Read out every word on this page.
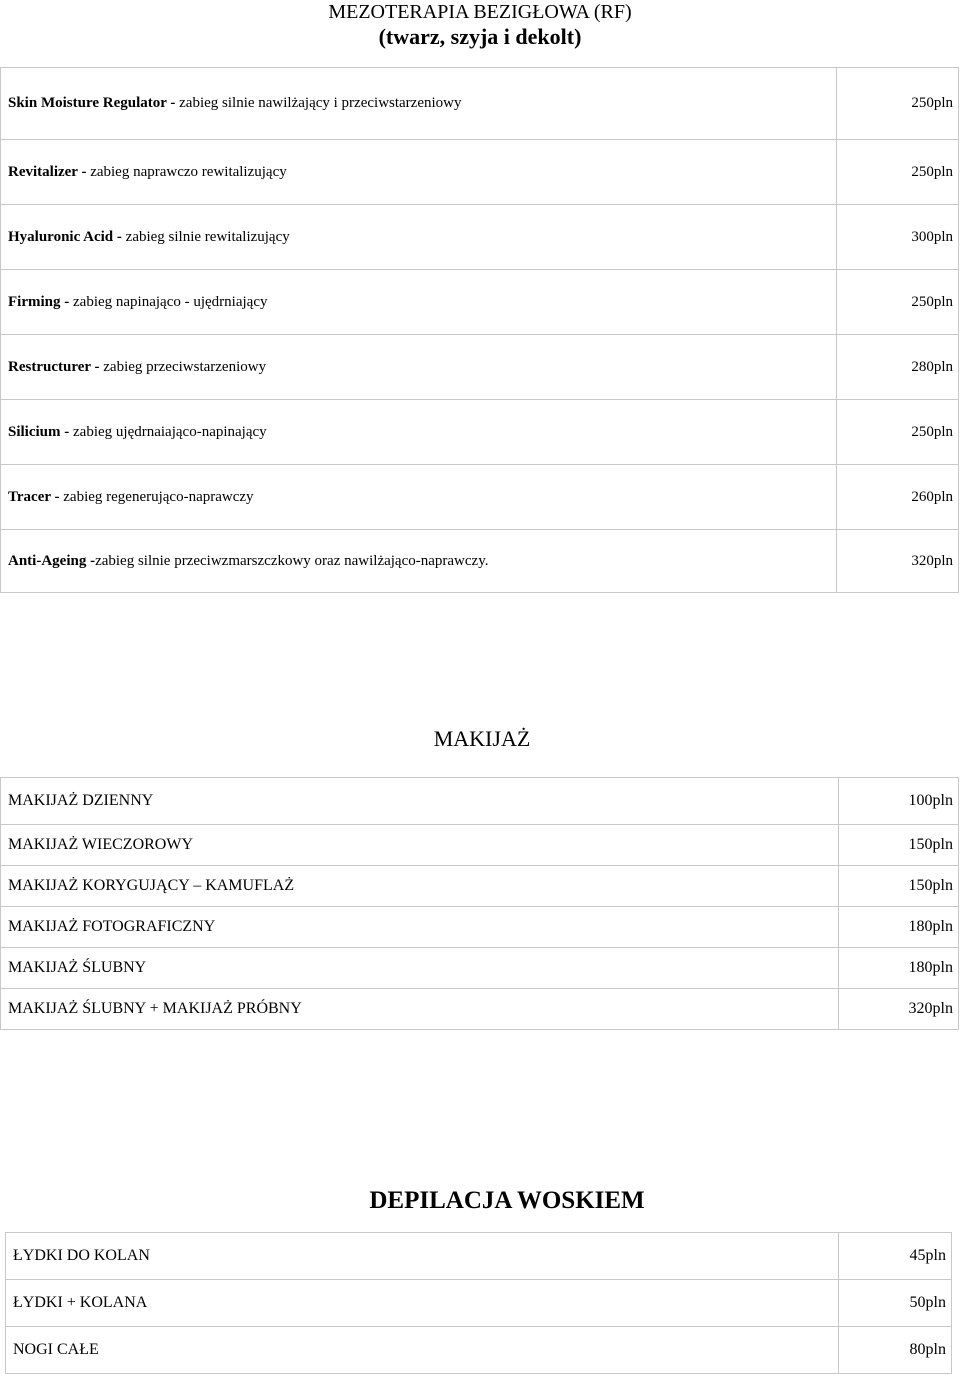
MEZOTERAPIA BEZIGŁOWA (RF)
(twarz, szyja i dekolt)
Skin Moisture Regulator - zabieg silnie nawilżający i przeciwstarzeniowy	250pln
Revitalizer - zabieg naprawczo rewitalizujący	250pln
Hyaluronic Acid - zabieg silnie rewitalizujący	300pln
Firming - zabieg napinająco - ujędrniający	250pln
Restructurer - zabieg przeciwstarzeniowy	280pln
Silicium - zabieg ujędrnaiająco-napinający	250pln
Tracer - zabieg regenerująco-naprawczy	260pln
Anti-Ageing -zabieg silnie przeciwzmarszczkowy oraz nawilżająco-naprawczy.	320pln
MAKIJAŻ
MAKIJAŻ DZIENNY	100pln
MAKIJAŻ WIECZOROWY	150pln
MAKIJAŻ KORYGUJĄCY – KAMUFLAŻ	150pln
MAKIJAŻ FOTOGRAFICZNY	180pln
MAKIJAŻ ŚLUBNY	180pln
MAKIJAŻ ŚLUBNY + MAKIJAŻ PRÓBNY	320pln
DEPILACJA WOSKIEM
ŁYDKI DO KOLAN	45pln
ŁYDKI + KOLANA	50pln
NOGI CAŁE	80pln
